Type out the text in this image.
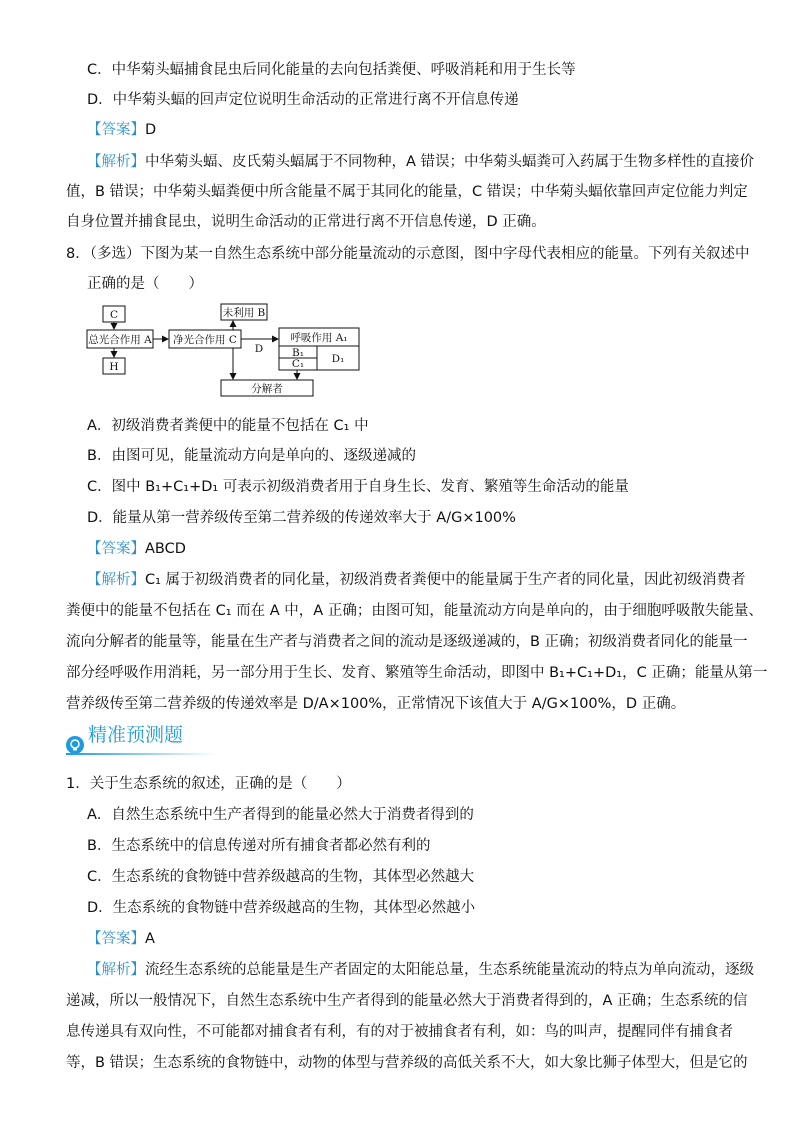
C．中华菊头蝠捕食昆虫后同化能量的去向包括粪便、呼吸消耗和用于生长等
D．中华菊头蝠的回声定位说明生命活动的正常进行离不开信息传递
【答案】D
【解析】中华菊头蝠、皮氏菊头蝠属于不同物种，A 错误；中华菊头蝠粪可入药属于生物多样性的直接价
值，B 错误；中华菊头蝠粪便中所含能量不属于其同化的能量，C 错误；中华菊头蝠依靠回声定位能力判定
自身位置并捕食昆虫，说明生命活动的正常进行离不开信息传递，D 正确。
8．（多选）下图为某一自然生态系统中部分能量流动的示意图，图中字母代表相应的能量。下列有关叙述中
正确的是（　　）
C
总光合作用 A
H
净光合作用 C
未利用 B
D
呼吸作用 A₁
B₁
C₁	D₁
分解者
A．初级消费者粪便中的能量不包括在 C₁ 中
B．由图可见，能量流动方向是单向的、逐级递减的
C．图中 B₁+C₁+D₁ 可表示初级消费者用于自身生长、发育、繁殖等生命活动的能量
D．能量从第一营养级传至第二营养级的传递效率大于 A/G×100%
【答案】ABCD
【解析】C₁ 属于初级消费者的同化量，初级消费者粪便中的能量属于生产者的同化量，因此初级消费者
粪便中的能量不包括在 C₁ 而在 A 中，A 正确；由图可知，能量流动方向是单向的，由于细胞呼吸散失能量、
流向分解者的能量等，能量在生产者与消费者之间的流动是逐级递减的，B 正确；初级消费者同化的能量一
部分经呼吸作用消耗，另一部分用于生长、发育、繁殖等生命活动，即图中 B₁+C₁+D₁，C 正确；能量从第一
营养级传至第二营养级的传递效率是 D/A×100%，正常情况下该值大于 A/G×100%，D 正确。
精准预测题
1．关于生态系统的叙述，正确的是（　　）
A．自然生态系统中生产者得到的能量必然大于消费者得到的
B．生态系统中的信息传递对所有捕食者都必然有利的
C．生态系统的食物链中营养级越高的生物，其体型必然越大
D．生态系统的食物链中营养级越高的生物，其体型必然越小
【答案】A
【解析】流经生态系统的总能量是生产者固定的太阳能总量，生态系统能量流动的特点为单向流动，逐级
递减，所以一般情况下，自然生态系统中生产者得到的能量必然大于消费者得到的，A 正确；生态系统的信
息传递具有双向性，不可能都对捕食者有利，有的对于被捕食者有利，如：鸟的叫声，提醒同伴有捕食者
等，B 错误；生态系统的食物链中，动物的体型与营养级的高低关系不大，如大象比狮子体型大，但是它的
